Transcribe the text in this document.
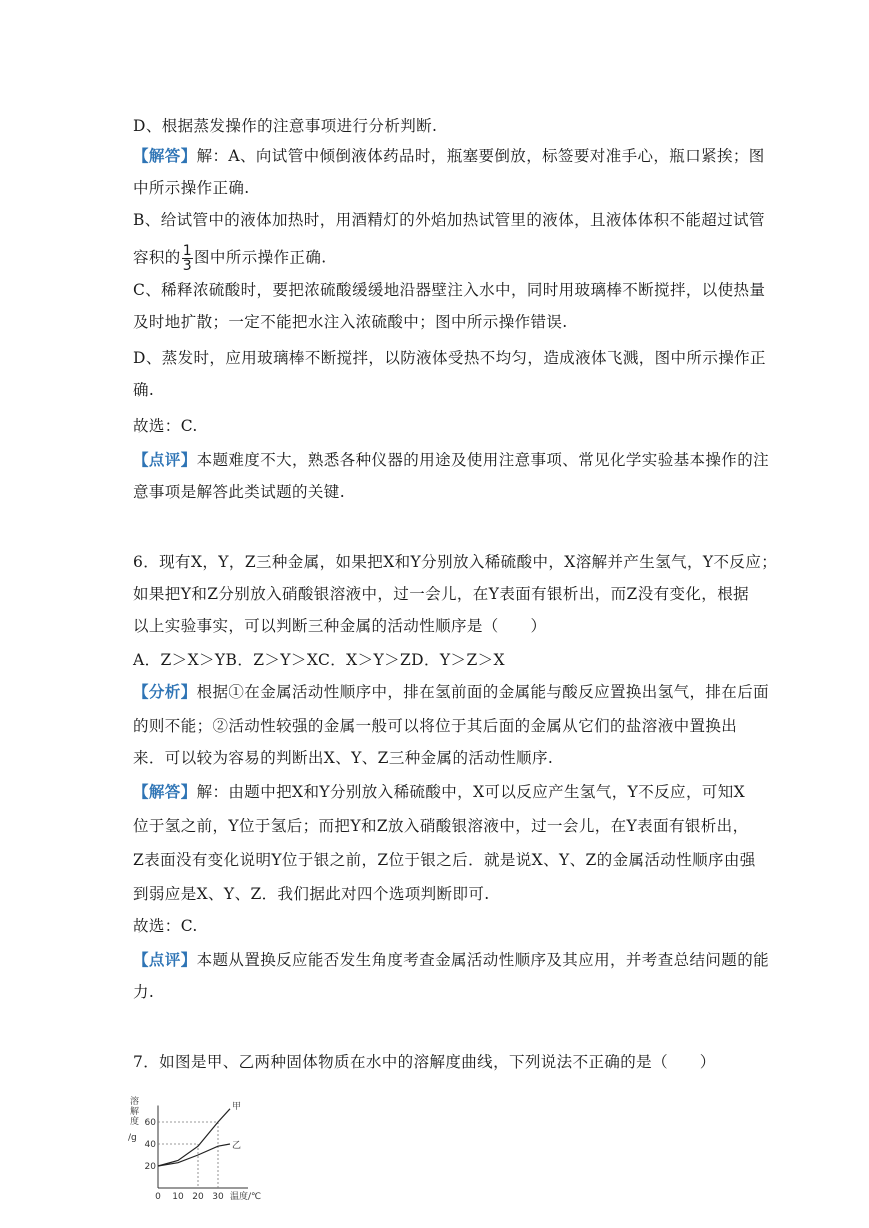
D、根据蒸发操作的注意事项进行分析判断.
【解答】解：A、向试管中倾倒液体药品时，瓶塞要倒放，标签要对准手心，瓶口紧挨；图
中所示操作正确.
B、给试管中的液体加热时，用酒精灯的外焰加热试管里的液体，且液体体积不能超过试管
容积的 $\frac{1}{3}$ 图中所示操作正确.
C、稀释浓硫酸时，要把浓硫酸缓缓地沿器壁注入水中，同时用玻璃棒不断搅拌，以使热量
及时地扩散；一定不能把水注入浓硫酸中；图中所示操作错误.
D、蒸发时，应用玻璃棒不断搅拌，以防液体受热不均匀，造成液体飞溅，图中所示操作正
确.
故选：C.
【点评】本题难度不大，熟悉各种仪器的用途及使用注意事项、常见化学实验基本操作的注
意事项是解答此类试题的关键.
6．现有X，Y，Z三种金属，如果把X和Y分别放入稀硫酸中，X溶解并产生氢气，Y不反应；
如果把Y和Z分别放入硝酸银溶液中，过一会儿，在Y表面有银析出，而Z没有变化，根据
以上实验事实，可以判断三种金属的活动性顺序是（　　）
A．Z＞X＞YB．Z＞Y＞XC．X＞Y＞ZD．Y＞Z＞X
【分析】根据①在金属活动性顺序中，排在氢前面的金属能与酸反应置换出氢气，排在后面
的则不能；②活动性较强的金属一般可以将位于其后面的金属从它们的盐溶液中置换出
来．可以较为容易的判断出X、Y、Z三种金属的活动性顺序.
【解答】解：由题中把X和Y分别放入稀硫酸中，X可以反应产生氢气，Y不反应，可知X
位于氢之前，Y位于氢后；而把Y和Z放入硝酸银溶液中，过一会儿，在Y表面有银析出，
Z表面没有变化说明Y位于银之前，Z位于银之后．就是说X、Y、Z的金属活动性顺序由强
到弱应是X、Y、Z．我们据此对四个选项判断即可.
故选：C.
【点评】本题从置换反应能否发生角度考查金属活动性顺序及其应用，并考查总结问题的能
力.
7．如图是甲、乙两种固体物质在水中的溶解度曲线，下列说法不正确的是（　　）
溶
解
度
/g
20
40
60
0 10 20 30 温度/℃
甲
乙
